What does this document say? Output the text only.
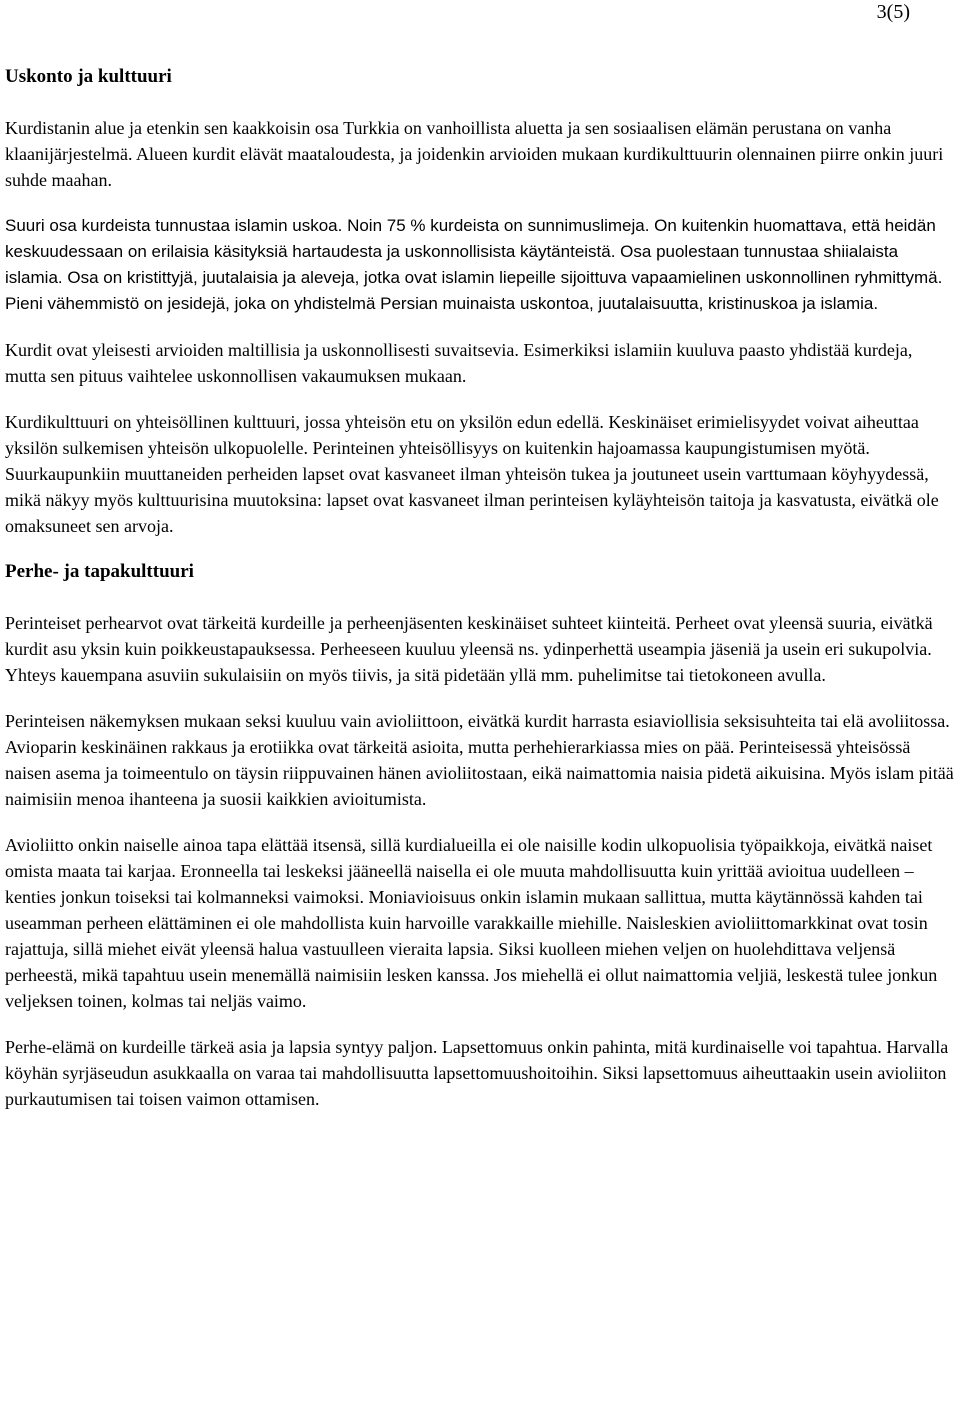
3(5)
Uskonto ja kulttuuri

Kurdistanin alue ja etenkin sen kaakkoisin osa Turkkia on vanhoillista aluetta ja sen sosiaalisen elämän perustana on vanha klaanijärjestelmä. Alueen kurdit elävät maataloudesta, ja joidenkin arvioiden mukaan kurdikulttuurin olennainen piirre onkin juuri suhde maahan.

Suuri osa kurdeista tunnustaa islamin uskoa. Noin 75 % kurdeista on sunnimuslimeja. On kuitenkin huomattava, että heidän keskuudessaan on erilaisia käsityksiä hartaudesta ja uskonnollisista käytänteistä. Osa puolestaan tunnustaa shiialaista islamia. Osa on kristittyjä, juutalaisia ja aleveja, jotka ovat islamin liepeille sijoittuva vapaamielinen uskonnollinen ryhmittymä. Pieni vähemmistö on jesidejä, joka on yhdistelmä Persian muinaista uskontoa, juutalaisuutta, kristinuskoa ja islamia.

Kurdit ovat yleisesti arvioiden maltillisia ja uskonnollisesti suvaitsevia. Esimerkiksi islamiin kuuluva paasto yhdistää kurdeja, mutta sen pituus vaihtelee uskonnollisen vakaumuksen mukaan.

Kurdikulttuuri on yhteisöllinen kulttuuri, jossa yhteisön etu on yksilön edun edellä. Keskinäiset erimielisyydet voivat aiheuttaa yksilön sulkemisen yhteisön ulkopuolelle. Perinteinen yhteisöllisyys on kuitenkin hajoamassa kaupungistumisen myötä. Suurkaupunkiin muuttaneiden perheiden lapset ovat kasvaneet ilman yhteisön tukea ja joutuneet usein varttumaan köyhyydessä, mikä näkyy myös kulttuurisina muutoksina: lapset ovat kasvaneet ilman perinteisen kyläyhteisön taitoja ja kasvatusta, eivätkä ole omaksuneet sen arvoja.

Perhe- ja tapakulttuuri

Perinteiset perhearvot ovat tärkeitä kurdeille ja perheenjäsenten keskinäiset suhteet kiinteitä. Perheet ovat yleensä suuria, eivätkä kurdit asu yksin kuin poikkeustapauksessa. Perheeseen kuuluu yleensä ns. ydinperhettä useampia jäseniä ja usein eri sukupolvia. Yhteys kauempana asuviin sukulaisiin on myös tiivis, ja sitä pidetään yllä mm. puhelimitse tai tietokoneen avulla.

Perinteisen näkemyksen mukaan seksi kuuluu vain avioliittoon, eivätkä kurdit harrasta esiaviollisia seksisuhteita tai elä avoliitossa. Avioparin keskinäinen rakkaus ja erotiikka ovat tärkeitä asioita, mutta perhehierarkiassa mies on pää. Perinteisessä yhteisössä naisen asema ja toimeentulo on täysin riippuvainen hänen avioliitostaan, eikä naimattomia naisia pidetä aikuisina. Myös islam pitää naimisiin menoa ihanteena ja suosii kaikkien avioitumista.

Avioliitto onkin naiselle ainoa tapa elättää itsensä, sillä kurdialueilla ei ole naisille kodin ulkopuolisia työpaikkoja, eivätkä naiset omista maata tai karjaa. Eronneella tai leskeksi jääneellä naisella ei ole muuta mahdollisuutta kuin yrittää avioitua uudelleen – kenties jonkun toiseksi tai kolmanneksi vaimoksi. Moniavioisuus onkin islamin mukaan sallittua, mutta käytännössä kahden tai useamman perheen elättäminen ei ole mahdollista kuin harvoille varakkaille miehille. Naisleskien avioliittomarkkinat ovat tosin rajattuja, sillä miehet eivät yleensä halua vastuulleen vieraita lapsia. Siksi kuolleen miehen veljen on huolehdittava veljensä perheestä, mikä tapahtuu usein menemällä naimisiin lesken kanssa. Jos miehellä ei ollut naimattomia veljiä, leskestä tulee jonkun veljeksen toinen, kolmas tai neljäs vaimo.

Perhe-elämä on kurdeille tärkeä asia ja lapsia syntyy paljon. Lapsettomuus onkin pahinta, mitä kurdinaiselle voi tapahtua. Harvalla köyhän syrjäseudun asukkaalla on varaa tai mahdollisuutta lapsettomuushoitoihin. Siksi lapsettomuus aiheuttaakin usein avioliiton purkautumisen tai toisen vaimon ottamisen.
